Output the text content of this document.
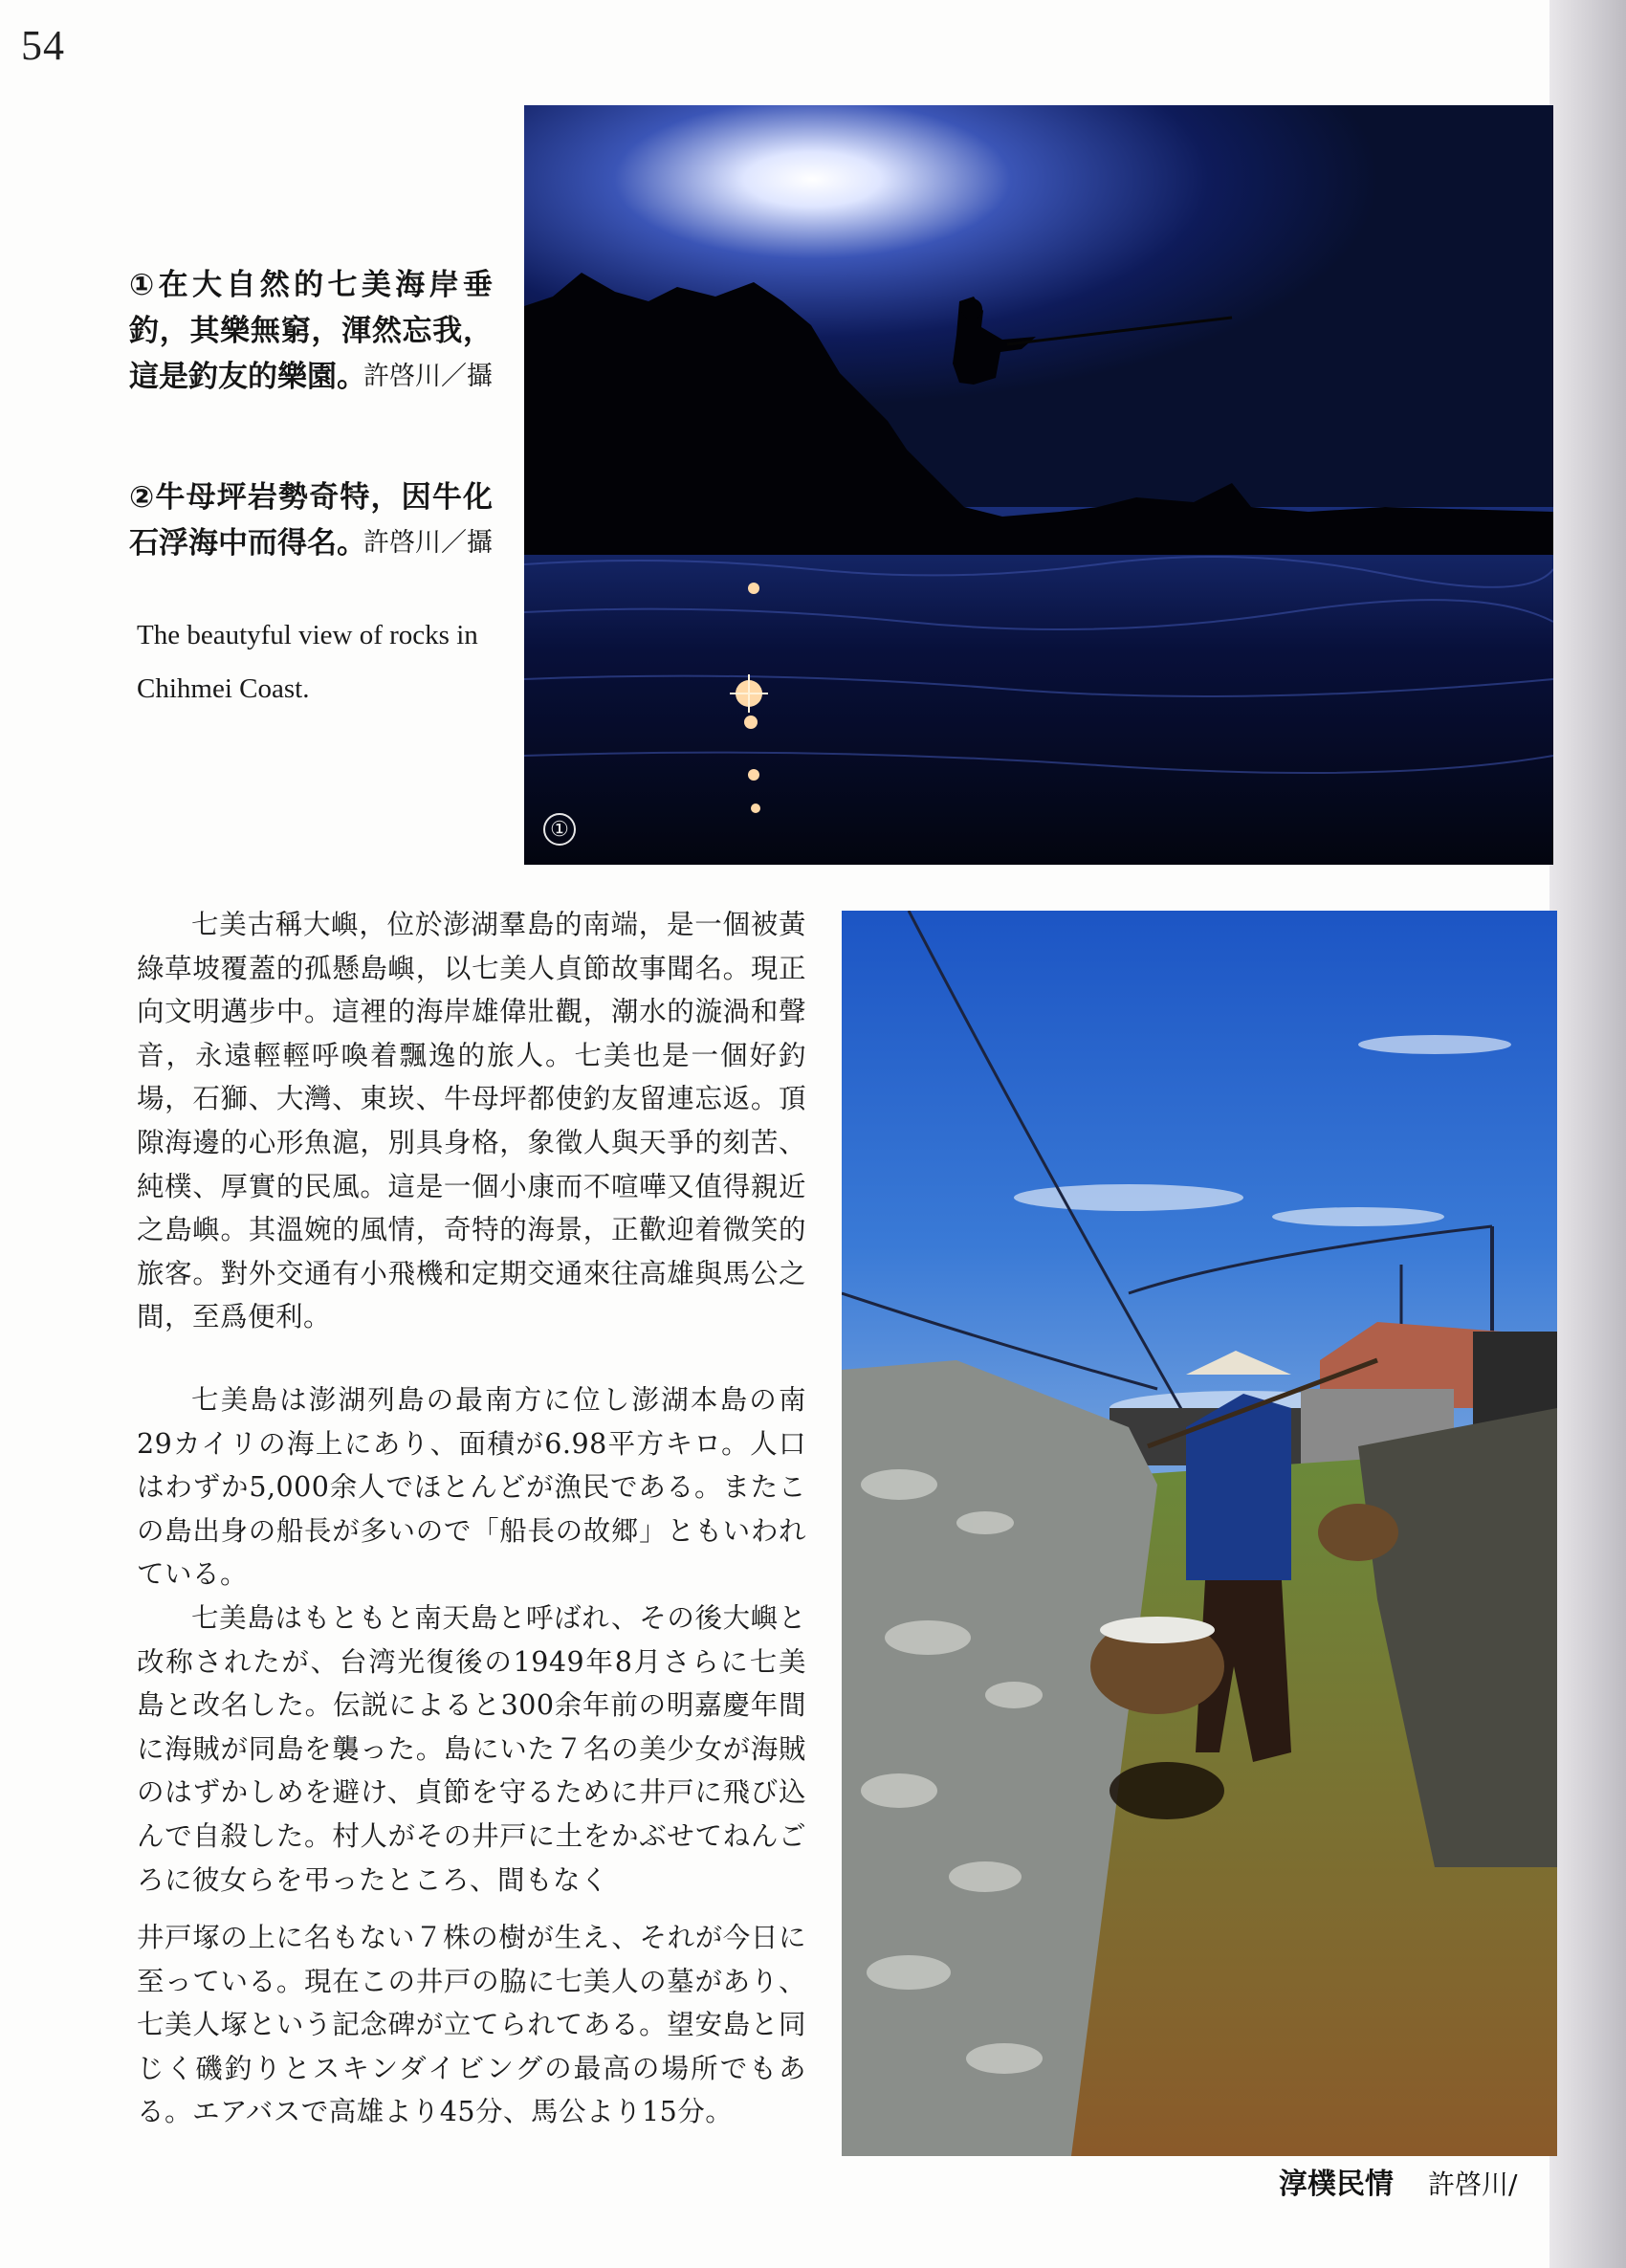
54
①
①在大自然的七美海岸垂釣，其樂無窮，渾然忘我，這是釣友的樂園。
許啓川／攝
②牛母坪岩勢奇特，因牛化石浮海中而得名。
許啓川／攝
The beautyful view of rocks in Chihmei Coast.

七美古稱大嶼，位於澎湖羣島的南端，是一個被黃綠草坡覆蓋的孤懸島嶼，以七美人貞節故事聞名。現正向文明邁步中。這裡的海岸雄偉壯觀，潮水的漩渦和聲音，永遠輕輕呼喚着飄逸的旅人。七美也是一個好釣場，石獅、大灣、東崁、牛母坪都使釣友留連忘返。頂隙海邊的心形魚滬，別具身格，象徵人與天爭的刻苦、純樸、厚實的民風。這是一個小康而不喧嘩又值得親近之島嶼。其溫婉的風情，奇特的海景，正歡迎着微笑的旅客。對外交通有小飛機和定期交通來往高雄與馬公之間，至爲便利。

七美島は澎湖列島の最南方に位し澎湖本島の南29カイリの海上にあり、面積が6.98平方キロ。人口はわずか5,000余人でほとんどが漁民である。またこの島出身の船長が多いので「船長の故郷」ともいわれている。

七美島はもともと南天島と呼ばれ、その後大嶼と改称されたが、台湾光復後の1949年8月さらに七美島と改名した。伝説によると300余年前の明嘉慶年間に海賊が同島を襲った。島にいた７名の美少女が海賊のはずかしめを避け、貞節を守るために井戸に飛び込んで自殺した。村人がその井戸に土をかぶせてねんごろに彼女らを弔ったところ、間もなく

井戸塚の上に名もない７株の樹が生え、それが今日に至っている。現在この井戸の脇に七美人の墓があり、七美人塚という記念碑が立てられてある。望安島と同じく磯釣りとスキンダイビングの最高の場所でもある。エアバスで高雄より45分、馬公より15分。

淳樸民情 許啓川/
